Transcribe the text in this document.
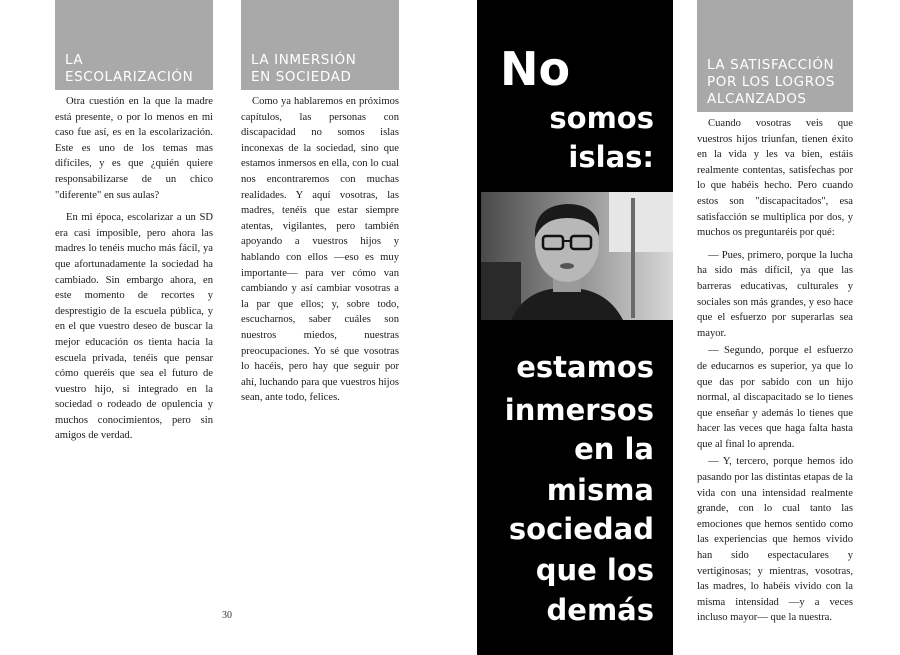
LA
ESCOLARIZACIÓN

Otra cuestión en la que la madre está presente, o por lo menos en mi caso fue así, es en la escolarización. Este es uno de los temas mas difíciles, y es que ¿quién quiere responsabilizarse de un chico "diferente" en sus aulas?

En mi época, escolarizar a un SD era casi imposible, pero ahora las madres lo tenéis mucho más fácil, ya que afortunadamente la sociedad ha cambiado. Sin embargo ahora, en este momento de recortes y desprestigio de la escuela pública, y en el que vuestro deseo de buscar la mejor educación os tienta hacia la escuela privada, tenéis que pensar cómo queréis que sea el futuro de vuestro hijo, si integrado en la sociedad o rodeado de opulencia y muchos conocimientos, pero sin amigos de verdad.

LA INMERSIÓN
EN SOCIEDAD

Como ya hablaremos en próximos capítulos, las personas con discapacidad no somos islas inconexas de la sociedad, sino que estamos inmersos en ella, con lo cual nos encontraremos con muchas realidades. Y aquí vosotras, las madres, tenéis que estar siempre atentas, vigilantes, pero también apoyando a vuestros hijos y hablando con ellos —eso es muy importante— para ver cómo van cambiando y así cambiar vosotras a la par que ellos; y, sobre todo, escucharnos, saber cuáles son nuestros miedos, nuestras preocupaciones. Yo sé que vosotras lo hacéis, pero hay que seguir por ahí, luchando para que vuestros hijos sean, ante todo, felices.

30
No
somos
islas:
estamos
inmersos
en la
misma
sociedad
que los
demás
LA SATISFACCIÓN
POR LOS LOGROS
ALCANZADOS

Cuando vosotras veis que vuestros hijos triunfan, tienen éxito en la vida y les va bien, estáis realmente contentas, satisfechas por lo que habéis hecho. Pero cuando estos son "discapacitados", esa satisfacción se multiplica por dos, y muchos os preguntaréis por qué:

— Pues, primero, porque la lucha ha sido más difícil, ya que las barreras educativas, culturales y sociales son más grandes, y eso hace que el esfuerzo por superarlas sea mayor.

— Segundo, porque el esfuerzo de educarnos es superior, ya que lo que das por sabido con un hijo normal, al discapacitado se lo tienes que enseñar y además lo tienes que hacer las veces que haga falta hasta que al final lo aprenda.

— Y, tercero, porque hemos ido pasando por las distintas etapas de la vida con una intensidad realmente grande, con lo cual tanto las emociones que hemos sentido como las experiencias que hemos vivido han sido espectaculares y vertiginosas; y mientras, vosotras, las madres, lo habéis vivido con la misma intensidad —y a veces incluso mayor— que la nuestra.
